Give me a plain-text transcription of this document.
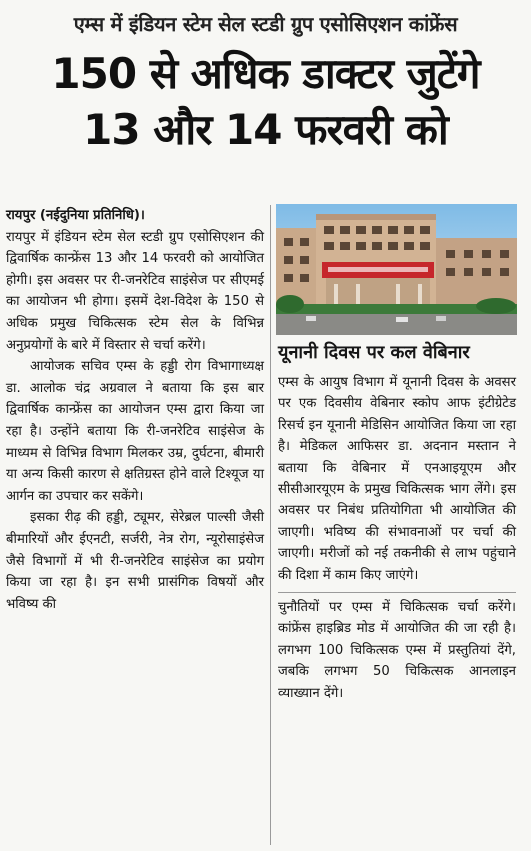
एम्स में इंडियन स्टेम सेल स्टडी ग्रुप एसोसिएशन कांफ्रेंस
150 से अधिक डाक्टर जुटेंगे
13 और 14 फरवरी को

रायपुर (नईदुनिया प्रतिनिधि)।

रायपुर में इंडियन स्टेम सेल स्टडी ग्रुप एसोसिएशन की द्विवार्षिक कान्फ्रेंस 13 और 14 फरवरी को आयोजित होगी। इस अवसर पर री-जनरेटिव साइंसेज पर सीएमई का आयोजन भी होगा। इसमें देश-विदेश के 150 से अधिक प्रमुख चिकित्सक स्टेम सेल के विभिन्न अनुप्रयोगों के बारे में विस्तार से चर्चा करेंगे।

आयोजक सचिव एम्स के हड्डी रोग विभागाध्यक्ष डा. आलोक चंद्र अग्रवाल ने बताया कि इस बार द्विवार्षिक कान्फ्रेंस का आयोजन एम्स द्वारा किया जा रहा है। उन्होंने बताया कि री-जनरेटिव साइंसेज के माध्यम से विभिन्न विभाग मिलकर उम्र, दुर्घटना, बीमारी या अन्य किसी कारण से क्षतिग्रस्त होने वाले टिश्यूज या आर्गन का उपचार कर सकेंगे।

इसका रीढ़ की हड्डी, ट्यूमर, सेरेब्रल पाल्सी जैसी बीमारियों और ईएनटी, सर्जरी, नेत्र रोग, न्यूरोसाइंसेज जैसे विभागों में भी री-जनरेटिव साइंसेज का प्रयोग किया जा रहा है। इन सभी प्रासंगिक विषयों और भविष्य की

यूनानी दिवस पर कल वेबिनार

एम्स के आयुष विभाग में यूनानी दिवस के अवसर पर एक दिवसीय वेबिनार स्कोप आफ इंटीग्रेटेड रिसर्च इन यूनानी मेडिसिन आयोजित किया जा रहा है। मेडिकल आफिसर डा. अदनान मस्तान ने बताया कि वेबिनार में एनआइयूएम और सीसीआरयूएम के प्रमुख चिकित्सक भाग लेंगे। इस अवसर पर निबंध प्रतियोगिता भी आयोजित की जाएगी। भविष्य की संभावनाओं पर चर्चा की जाएगी। मरीजों को नई तकनीकी से लाभ पहुंचाने की दिशा में काम किए जाएंगे।

चुनौतियों पर एम्स में चिकित्सक चर्चा करेंगे। कांफ्रेंस हाइब्रिड मोड में आयोजित की जा रही है। लगभग 100 चिकित्सक एम्स में प्रस्तुतियां देंगे, जबकि लगभग 50 चिकित्सक आनलाइन व्याख्यान देंगे।
